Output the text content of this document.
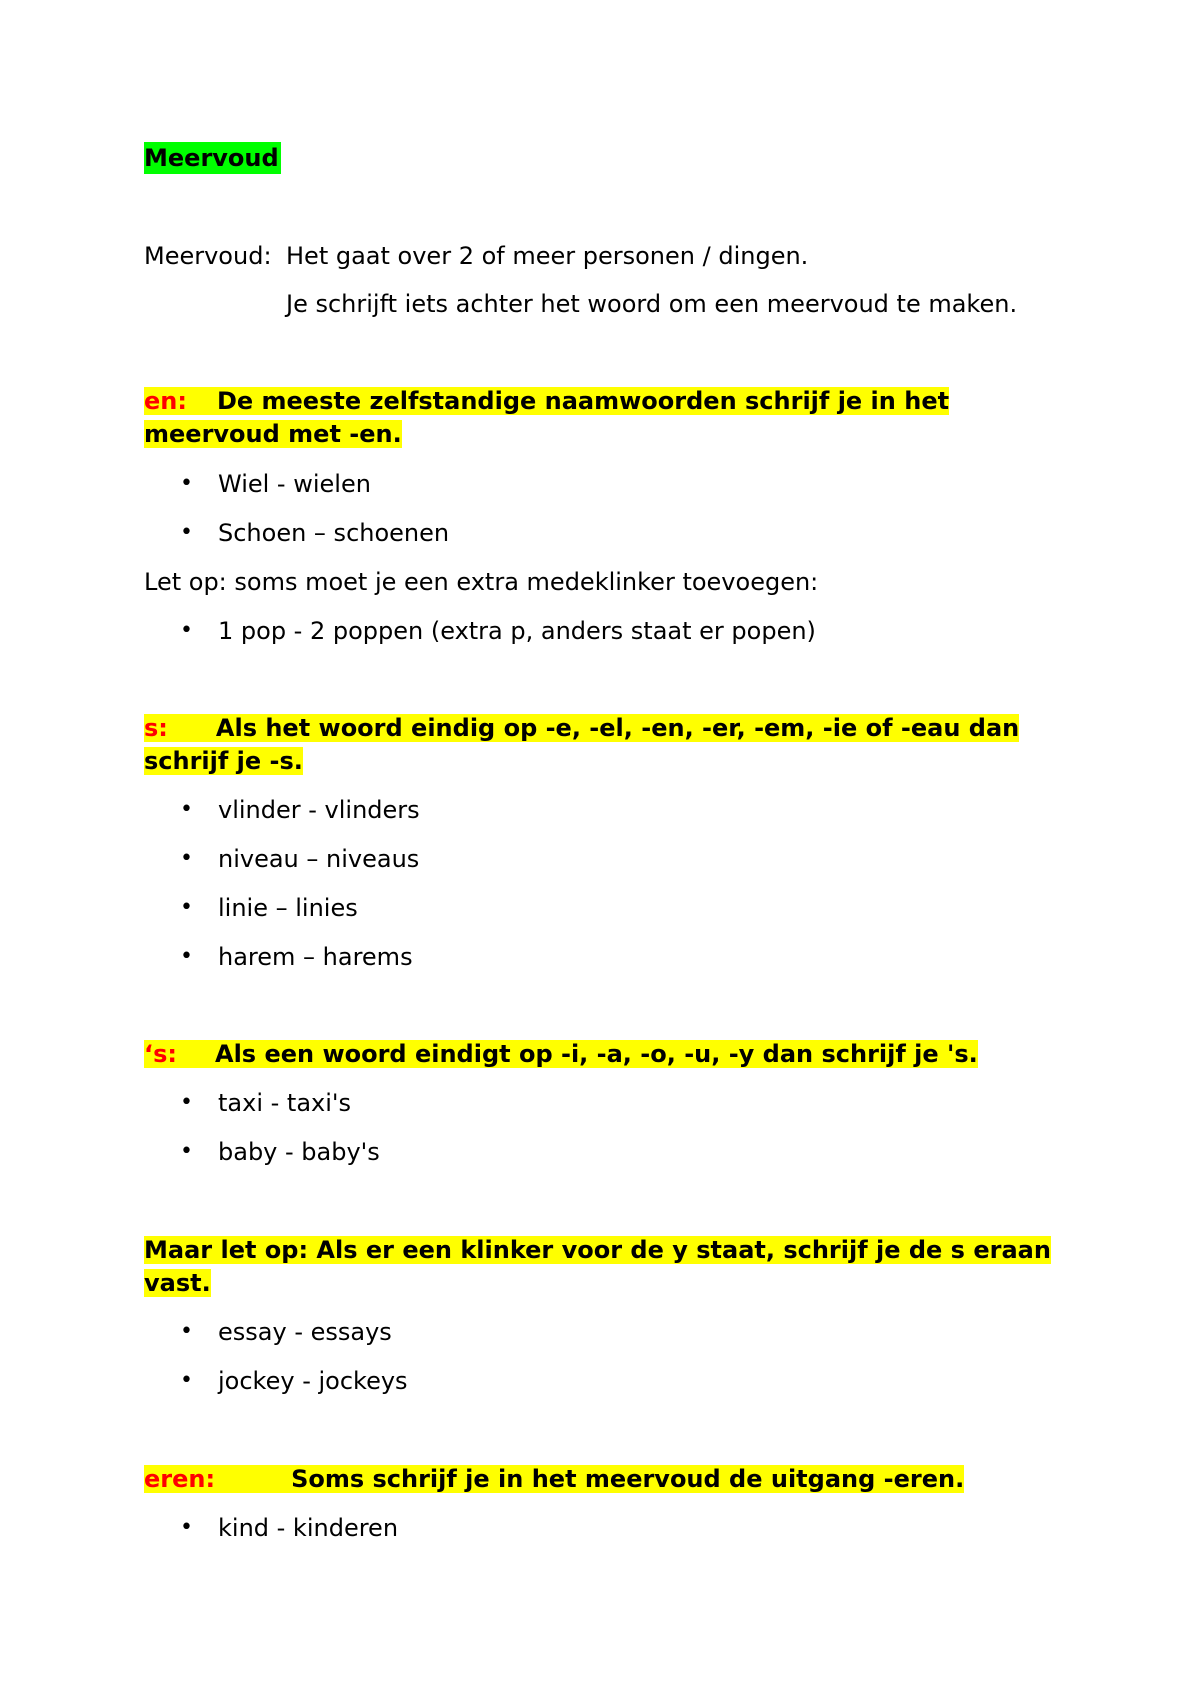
Meervoud
Meervoud: Het gaat over 2 of meer personen / dingen.
Je schrijft iets achter het woord om een meervoud te maken.
en: De meeste zelfstandige naamwoorden schrijf je in het meervoud met -en.
• Wiel - wielen
• Schoen – schoenen
Let op: soms moet je een extra medeklinker toevoegen:
• 1 pop - 2 poppen (extra p, anders staat er popen)
s: Als het woord eindig op -e, -el, -en, -er, -em, -ie of -eau dan schrijf je -s.
• vlinder - vlinders
• niveau – niveaus
• linie – linies
• harem – harems
‘s: Als een woord eindigt op -i, -a, -o, -u, -y dan schrijf je 's.
• taxi - taxi's
• baby - baby's
Maar let op: Als er een klinker voor de y staat, schrijf je de s eraan vast.
• essay - essays
• jockey - jockeys
eren:	Soms schrijf je in het meervoud de uitgang -eren.
• kind - kinderen
